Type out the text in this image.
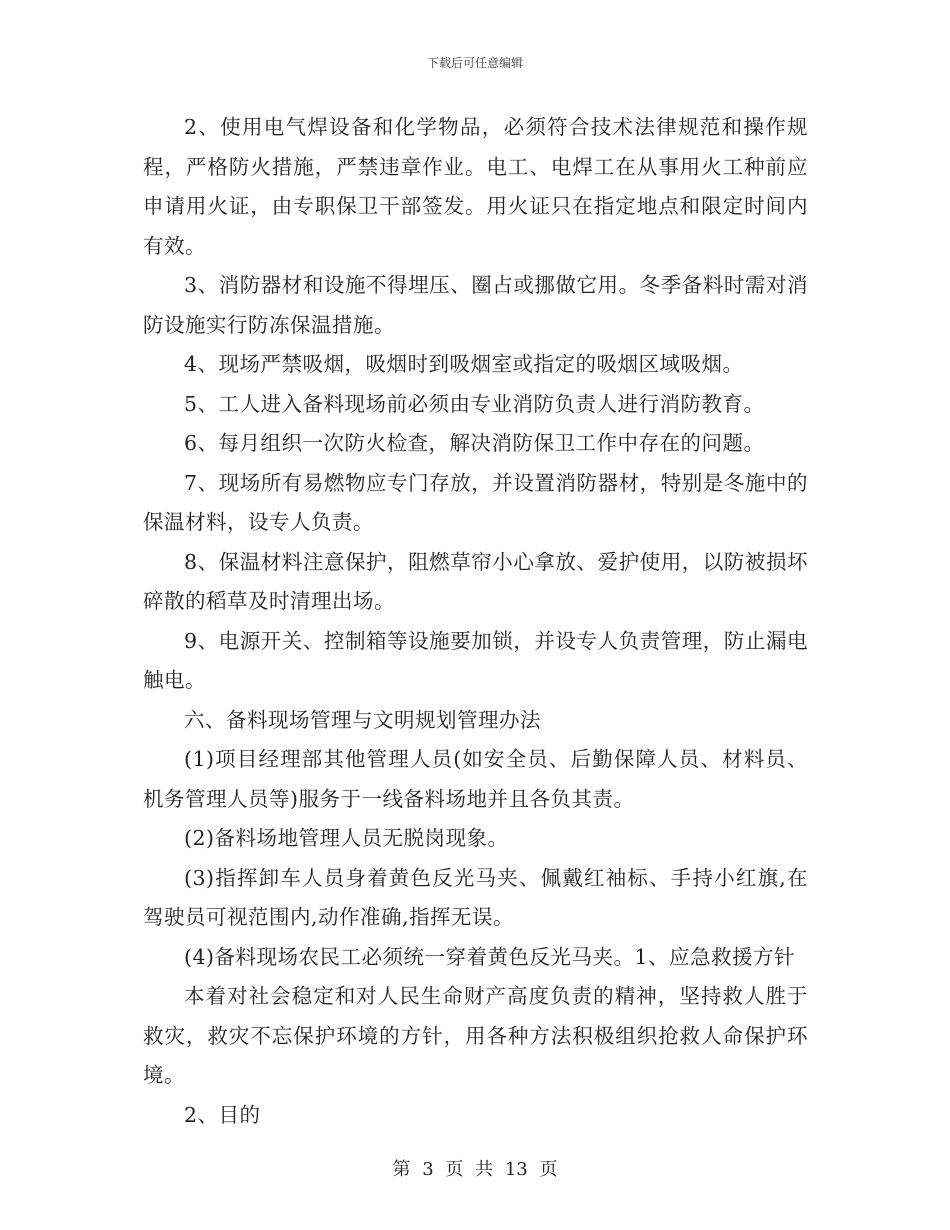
下载后可任意编辑

2、使用电气焊设备和化学物品，必须符合技术法律规范和操作规程，严格防火措施，严禁违章作业。电工、电焊工在从事用火工种前应申请用火证，由专职保卫干部签发。用火证只在指定地点和限定时间内有效。

3、消防器材和设施不得埋压、圈占或挪做它用。冬季备料时需对消防设施实行防冻保温措施。

4、现场严禁吸烟，吸烟时到吸烟室或指定的吸烟区域吸烟。

5、工人进入备料现场前必须由专业消防负责人进行消防教育。

6、每月组织一次防火检查，解决消防保卫工作中存在的问题。

7、现场所有易燃物应专门存放，并设置消防器材，特别是冬施中的保温材料，设专人负责。

8、保温材料注意保护，阻燃草帘小心拿放、爱护使用，以防被损坏碎散的稻草及时清理出场。

9、电源开关、控制箱等设施要加锁，并设专人负责管理，防止漏电触电。

六、备料现场管理与文明规划管理办法

(1)项目经理部其他管理人员(如安全员、后勤保障人员、材料员、机务管理人员等)服务于一线备料场地并且各负其责。

(2)备料场地管理人员无脱岗现象。

(3)指挥卸车人员身着黄色反光马夹、佩戴红袖标、手持小红旗,在驾驶员可视范围内,动作准确,指挥无误。

(4)备料现场农民工必须统一穿着黄色反光马夹。1、应急救援方针

本着对社会稳定和对人民生命财产高度负责的精神，坚持救人胜于救灾，救灾不忘保护环境的方针，用各种方法积极组织抢救人命保护环境。

2、目的

第 3 页 共 13 页
